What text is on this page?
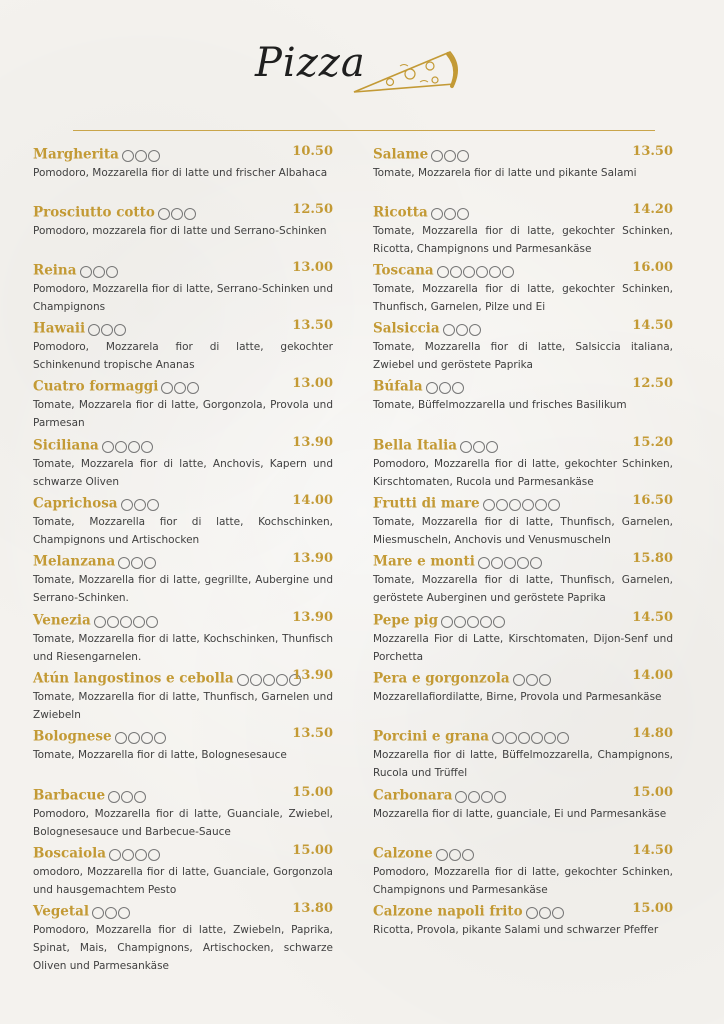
Pizza
Margherita	10.50
Pomodoro, Mozzarella fior di latte und frischer Albahaca
Prosciutto cotto	12.50
Pomodoro, mozzarela fior di latte und Serrano-Schinken
Reina	13.00
Pomodoro, Mozzarella fior di latte, Serrano-Schinken und Champignons
Hawaii	13.50
Pomodoro, Mozzarela fior di latte, gekochter Schinkenund tropische Ananas
Cuatro formaggi	13.00
Tomate, Mozzarela fior di latte, Gorgonzola, Provola und Parmesan
Siciliana	13.90
Tomate, Mozzarela fior di latte, Anchovis, Kapern und schwarze Oliven
Caprichosa	14.00
Tomate, Mozzarella fior di latte, Kochschinken, Champignons und Artischocken
Melanzana	13.90
Tomate, Mozzarella fior di latte, gegrillte, Aubergine und Serrano-Schinken.
Venezia	13.90
Tomate, Mozzarella fior di latte, Kochschinken, Thunfisch und Riesengarnelen.
Atún langostinos e cebolla	13.90
Tomate, Mozzarella fior di latte, Thunfisch, Garnelen und Zwiebeln
Bolognese	13.50
Tomate, Mozzarella fior di latte, Bolognesesauce
Barbacue	15.00
Pomodoro, Mozzarella fior di latte, Guanciale, Zwiebel, Bolognesesauce und Barbecue-Sauce
Boscaiola	15.00
omodoro, Mozzarella fior di latte, Guanciale, Gorgonzola und hausgemachtem Pesto
Vegetal	13.80
Pomodoro, Mozzarella fior di latte, Zwiebeln, Paprika, Spinat, Mais, Champignons, Artischocken, schwarze Oliven und Parmesankäse
Salame	13.50
Tomate, Mozzarela fior di latte und pikante Salami
Ricotta	14.20
Tomate, Mozzarella fior di latte, gekochter Schinken, Ricotta, Champignons und Parmesankäse
Toscana	16.00
Tomate, Mozzarella fior di latte, gekochter Schinken, Thunfisch, Garnelen, Pilze und Ei
Salsiccia	14.50
Tomate, Mozzarella fior di latte, Salsiccia italiana, Zwiebel und geröstete Paprika
Búfala	12.50
Tomate, Büffelmozzarella und frisches Basilikum
Bella Italia	15.20
Pomodoro, Mozzarella fior di latte, gekochter Schinken, Kirschtomaten, Rucola und Parmesankäse
Frutti di mare	16.50
Tomate, Mozzarella fior di latte, Thunfisch, Garnelen, Miesmuscheln, Anchovis und Venusmuscheln
Mare e monti	15.80
Tomate, Mozzarella fior di latte, Thunfisch, Garnelen, geröstete Auberginen und geröstete Paprika
Pepe pig	14.50
Mozzarella Fior di Latte, Kirschtomaten, Dijon-Senf und Porchetta
Pera e gorgonzola	14.00
Mozzarellafiordilatte, Birne, Provola und Parmesankäse
Porcini e grana	14.80
Mozzarella fior di latte, Büffelmozzarella, Champignons, Rucola und Trüffel
Carbonara	15.00
Mozzarella fior di latte, guanciale, Ei und Parmesankäse
Calzone	14.50
Pomodoro, Mozzarella fior di latte, gekochter Schinken, Champignons und Parmesankäse
Calzone napoli frito	15.00
Ricotta, Provola, pikante Salami und schwarzer Pfeffer
